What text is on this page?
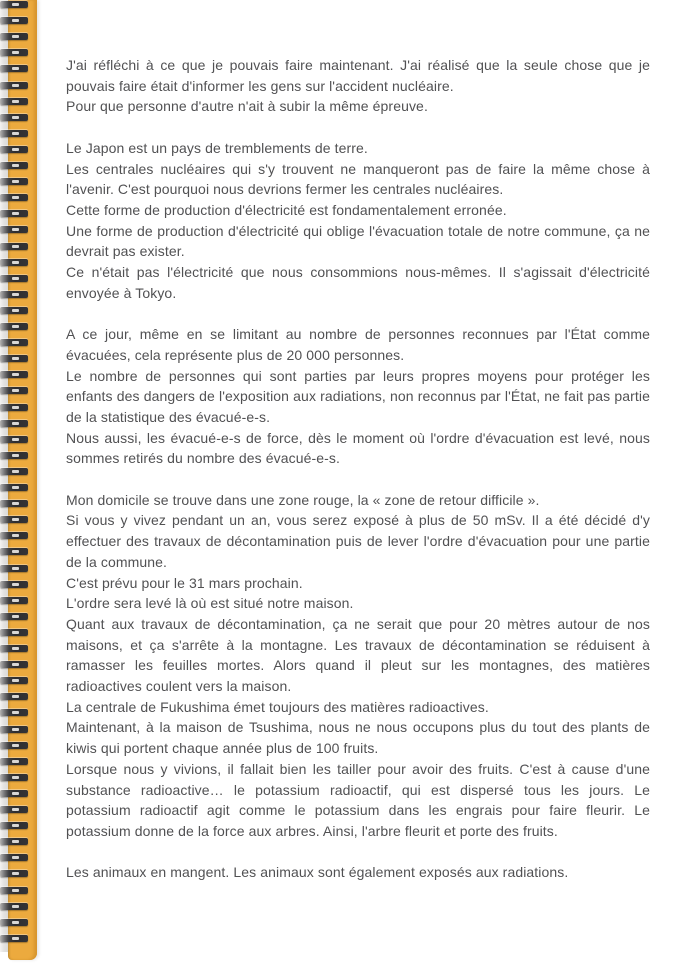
J'ai réfléchi à ce que je pouvais faire maintenant. J'ai réalisé que la seule chose que je pouvais faire était d'informer les gens sur l'accident nucléaire.

Pour que personne d'autre n'ait à subir la même épreuve.

Le Japon est un pays de tremblements de terre.

Les centrales nucléaires qui s'y trouvent ne manqueront pas de faire la même chose à l'avenir. C'est pourquoi nous devrions fermer les centrales nucléaires.

Cette forme de production d'électricité est fondamentalement erronée.

Une forme de production d'électricité qui oblige l'évacuation totale de notre commune, ça ne devrait pas exister.

Ce n'était pas l'électricité que nous consommions nous-mêmes. Il s'agissait d'électricité envoyée à Tokyo.

A ce jour, même en se limitant au nombre de personnes reconnues par l'État comme évacuées, cela représente plus de 20 000 personnes.

Le nombre de personnes qui sont parties par leurs propres moyens pour protéger les enfants des dangers de l'exposition aux radiations, non reconnus par l'État, ne fait pas partie de la statistique des évacué-e-s.

Nous aussi, les évacué-e-s de force, dès le moment où l'ordre d'évacuation est levé, nous sommes retirés du nombre des évacué-e-s.

Mon domicile se trouve dans une zone rouge, la « zone de retour difficile ».

Si vous y vivez pendant un an, vous serez exposé à plus de 50 mSv. Il a été décidé d'y effectuer des travaux de décontamination puis de lever l'ordre d'évacuation pour une partie de la commune.

C'est prévu pour le 31 mars prochain.

L'ordre sera levé là où est situé notre maison.

Quant aux travaux de décontamination, ça ne serait que pour 20 mètres autour de nos maisons, et ça s'arrête à la montagne. Les travaux de décontamination se réduisent à ramasser les feuilles mortes. Alors quand il pleut sur les montagnes, des matières radioactives coulent vers la maison.

La centrale de Fukushima émet toujours des matières radioactives.

Maintenant, à la maison de Tsushima, nous ne nous occupons plus du tout des plants de kiwis qui portent chaque année plus de 100 fruits.

Lorsque nous y vivions, il fallait bien les tailler pour avoir des fruits. C'est à cause d'une substance radioactive… le potassium radioactif, qui est dispersé tous les jours. Le potassium radioactif agit comme le potassium dans les engrais pour faire fleurir. Le potassium donne de la force aux arbres. Ainsi, l'arbre fleurit et porte des fruits.

Les animaux en mangent. Les animaux sont également exposés aux radiations.
